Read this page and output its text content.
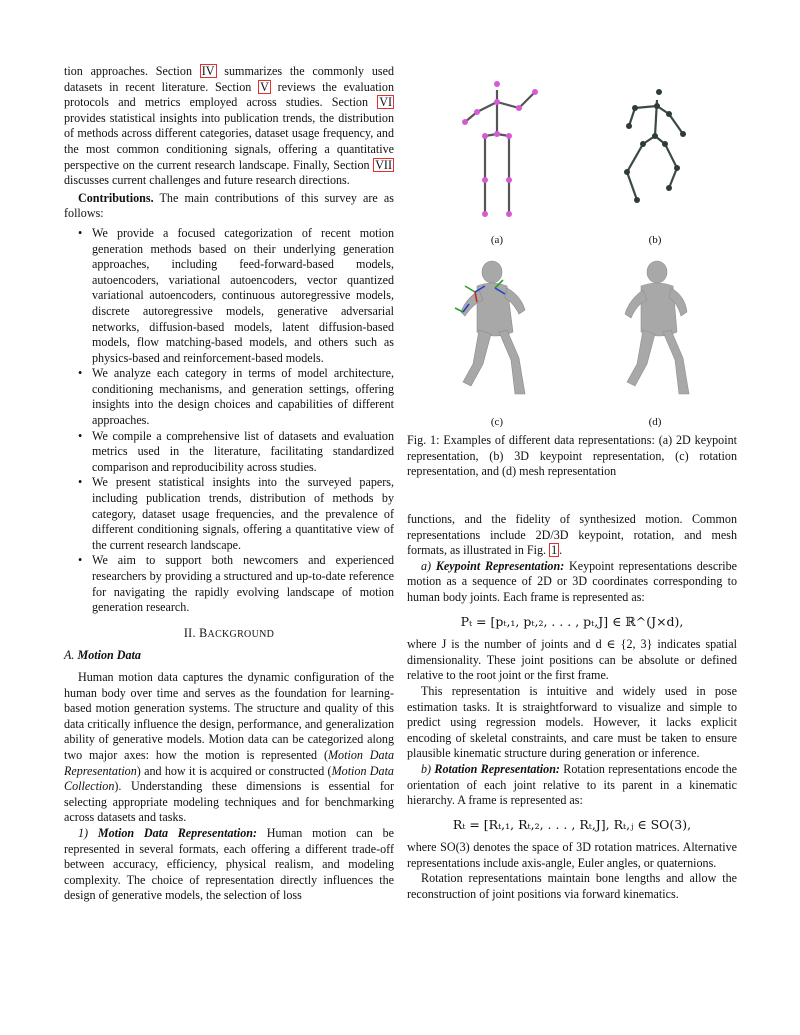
tion approaches. Section IV summarizes the commonly used datasets in recent literature. Section V reviews the evaluation protocols and metrics employed across studies. Section VI provides statistical insights into publication trends, the distribution of methods across different categories, dataset usage frequency, and the most common conditioning signals, offering a quantitative perspective on the current research landscape. Finally, Section VII discusses current challenges and future research directions.

Contributions. The main contributions of this survey are as follows:

• We provide a focused categorization of recent motion generation methods based on their underlying generation approaches, including feed-forward-based models, autoencoders, variational autoencoders, vector quantized variational autoencoders, continuous autoregressive models, discrete autoregressive models, generative adversarial networks, diffusion-based models, latent diffusion-based models, flow matching-based models, and others such as physics-based and reinforcement-based models.
• We analyze each category in terms of model architecture, conditioning mechanisms, and generation settings, offering insights into the design choices and capabilities of different approaches.
• We compile a comprehensive list of datasets and evaluation metrics used in the literature, facilitating standardized comparison and reproducibility across studies.
• We present statistical insights into the surveyed papers, including publication trends, distribution of methods by category, dataset usage frequencies, and the prevalence of different conditioning signals, offering a quantitative view of the current research landscape.
• We aim to support both newcomers and experienced researchers by providing a structured and up-to-date reference for navigating the rapidly evolving landscape of motion generation research.
II. BACKGROUND
A. Motion Data

Human motion data captures the dynamic configuration of the human body over time and serves as the foundation for learning-based motion generation systems. The structure and quality of this data critically influence the design, performance, and generalization ability of generative models. Motion data can be categorized along two major axes: how the motion is represented (Motion Data Representation) and how it is acquired or constructed (Motion Data Collection). Understanding these dimensions is essential for selecting appropriate modeling techniques and for benchmarking across datasets and tasks.

1) Motion Data Representation: Human motion can be represented in several formats, each offering a different trade-off between accuracy, efficiency, physical realism, and modeling complexity. The choice of representation directly influences the design of generative models, the selection of loss

(a)	(b)
(c)	(d)
Fig. 1: Examples of different data representations: (a) 2D keypoint representation, (b) 3D keypoint representation, (c) rotation representation, and (d) mesh representation

functions, and the fidelity of synthesized motion. Common representations include 2D/3D keypoint, rotation, and mesh formats, as illustrated in Fig. 1 .

a) Keypoint Representation: Keypoint representations describe motion as a sequence of 2D or 3D coordinates corresponding to human body joints. Each frame is represented as:

Pₜ = [pₜ,₁, pₜ,₂, . . . , pₜ,J] ∈ ℝ^(J×d),

where J is the number of joints and d ∈ {2, 3} indicates spatial dimensionality. These joint positions can be absolute or defined relative to the root joint or the first frame.

This representation is intuitive and widely used in pose estimation tasks. It is straightforward to visualize and simple to predict using regression models. However, it lacks explicit encoding of skeletal constraints, and care must be taken to ensure plausible kinematic structure during generation or inference.

b) Rotation Representation: Rotation representations encode the orientation of each joint relative to its parent in a kinematic hierarchy. A frame is represented as:

Rₜ = [Rₜ,₁, Rₜ,₂, . . . , Rₜ,J], Rₜ,ⱼ ∈ SO(3),

where SO(3) denotes the space of 3D rotation matrices. Alternative representations include axis-angle, Euler angles, or quaternions.

Rotation representations maintain bone lengths and allow the reconstruction of joint positions via forward kinematics.
